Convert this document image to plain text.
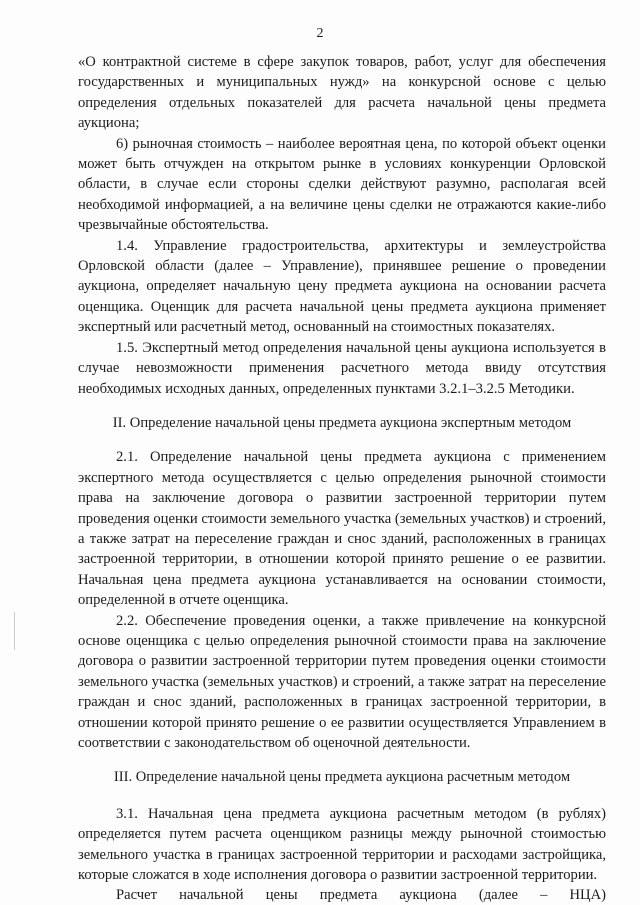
2

«О контрактной системе в сфере закупок товаров, работ, услуг для обеспечения государственных и муниципальных нужд» на конкурсной основе с целью определения отдельных показателей для расчета начальной цены предмета аукциона;

6) рыночная стоимость – наиболее вероятная цена, по которой объект оценки может быть отчужден на открытом рынке в условиях конкуренции Орловской области, в случае если стороны сделки действуют разумно, располагая всей необходимой информацией, а на величине цены сделки не отражаются какие-либо чрезвычайные обстоятельства.

1.4. Управление градостроительства, архитектуры и землеустройства Орловской области (далее – Управление), принявшее решение о проведении аукциона, определяет начальную цену предмета аукциона на основании расчета оценщика. Оценщик для расчета начальной цены предмета аукциона применяет экспертный или расчетный метод, основанный на стоимостных показателях.

1.5. Экспертный метод определения начальной цены аукциона используется в случае невозможности применения расчетного метода ввиду отсутствия необходимых исходных данных, определенных пунктами 3.2.1–3.2.5 Методики.

II. Определение начальной цены предмета аукциона экспертным методом

2.1. Определение начальной цены предмета аукциона с применением экспертного метода осуществляется с целью определения рыночной стоимости права на заключение договора о развитии застроенной территории путем проведения оценки стоимости земельного участка (земельных участков) и строений, а также затрат на переселение граждан и снос зданий, расположенных в границах застроенной территории, в отношении которой принято решение о ее развитии. Начальная цена предмета аукциона устанавливается на основании стоимости, определенной в отчете оценщика.

2.2. Обеспечение проведения оценки, а также привлечение на конкурсной основе оценщика с целью определения рыночной стоимости права на заключение договора о развитии застроенной территории путем проведения оценки стоимости земельного участка (земельных участков) и строений, а также затрат на переселение граждан и снос зданий, расположенных в границах застроенной территории, в отношении которой принято решение о ее развитии осуществляется Управлением в соответствии с законодательством об оценочной деятельности.

III. Определение начальной цены предмета аукциона расчетным методом

3.1. Начальная цена предмета аукциона расчетным методом (в рублях) определяется путем расчета оценщиком разницы между рыночной стоимостью земельного участка в границах застроенной территории и расходами застройщика, которые сложатся в ходе исполнения договора о развитии застроенной территории.

Расчет начальной цены предмета аукциона (далее – НЦА)
